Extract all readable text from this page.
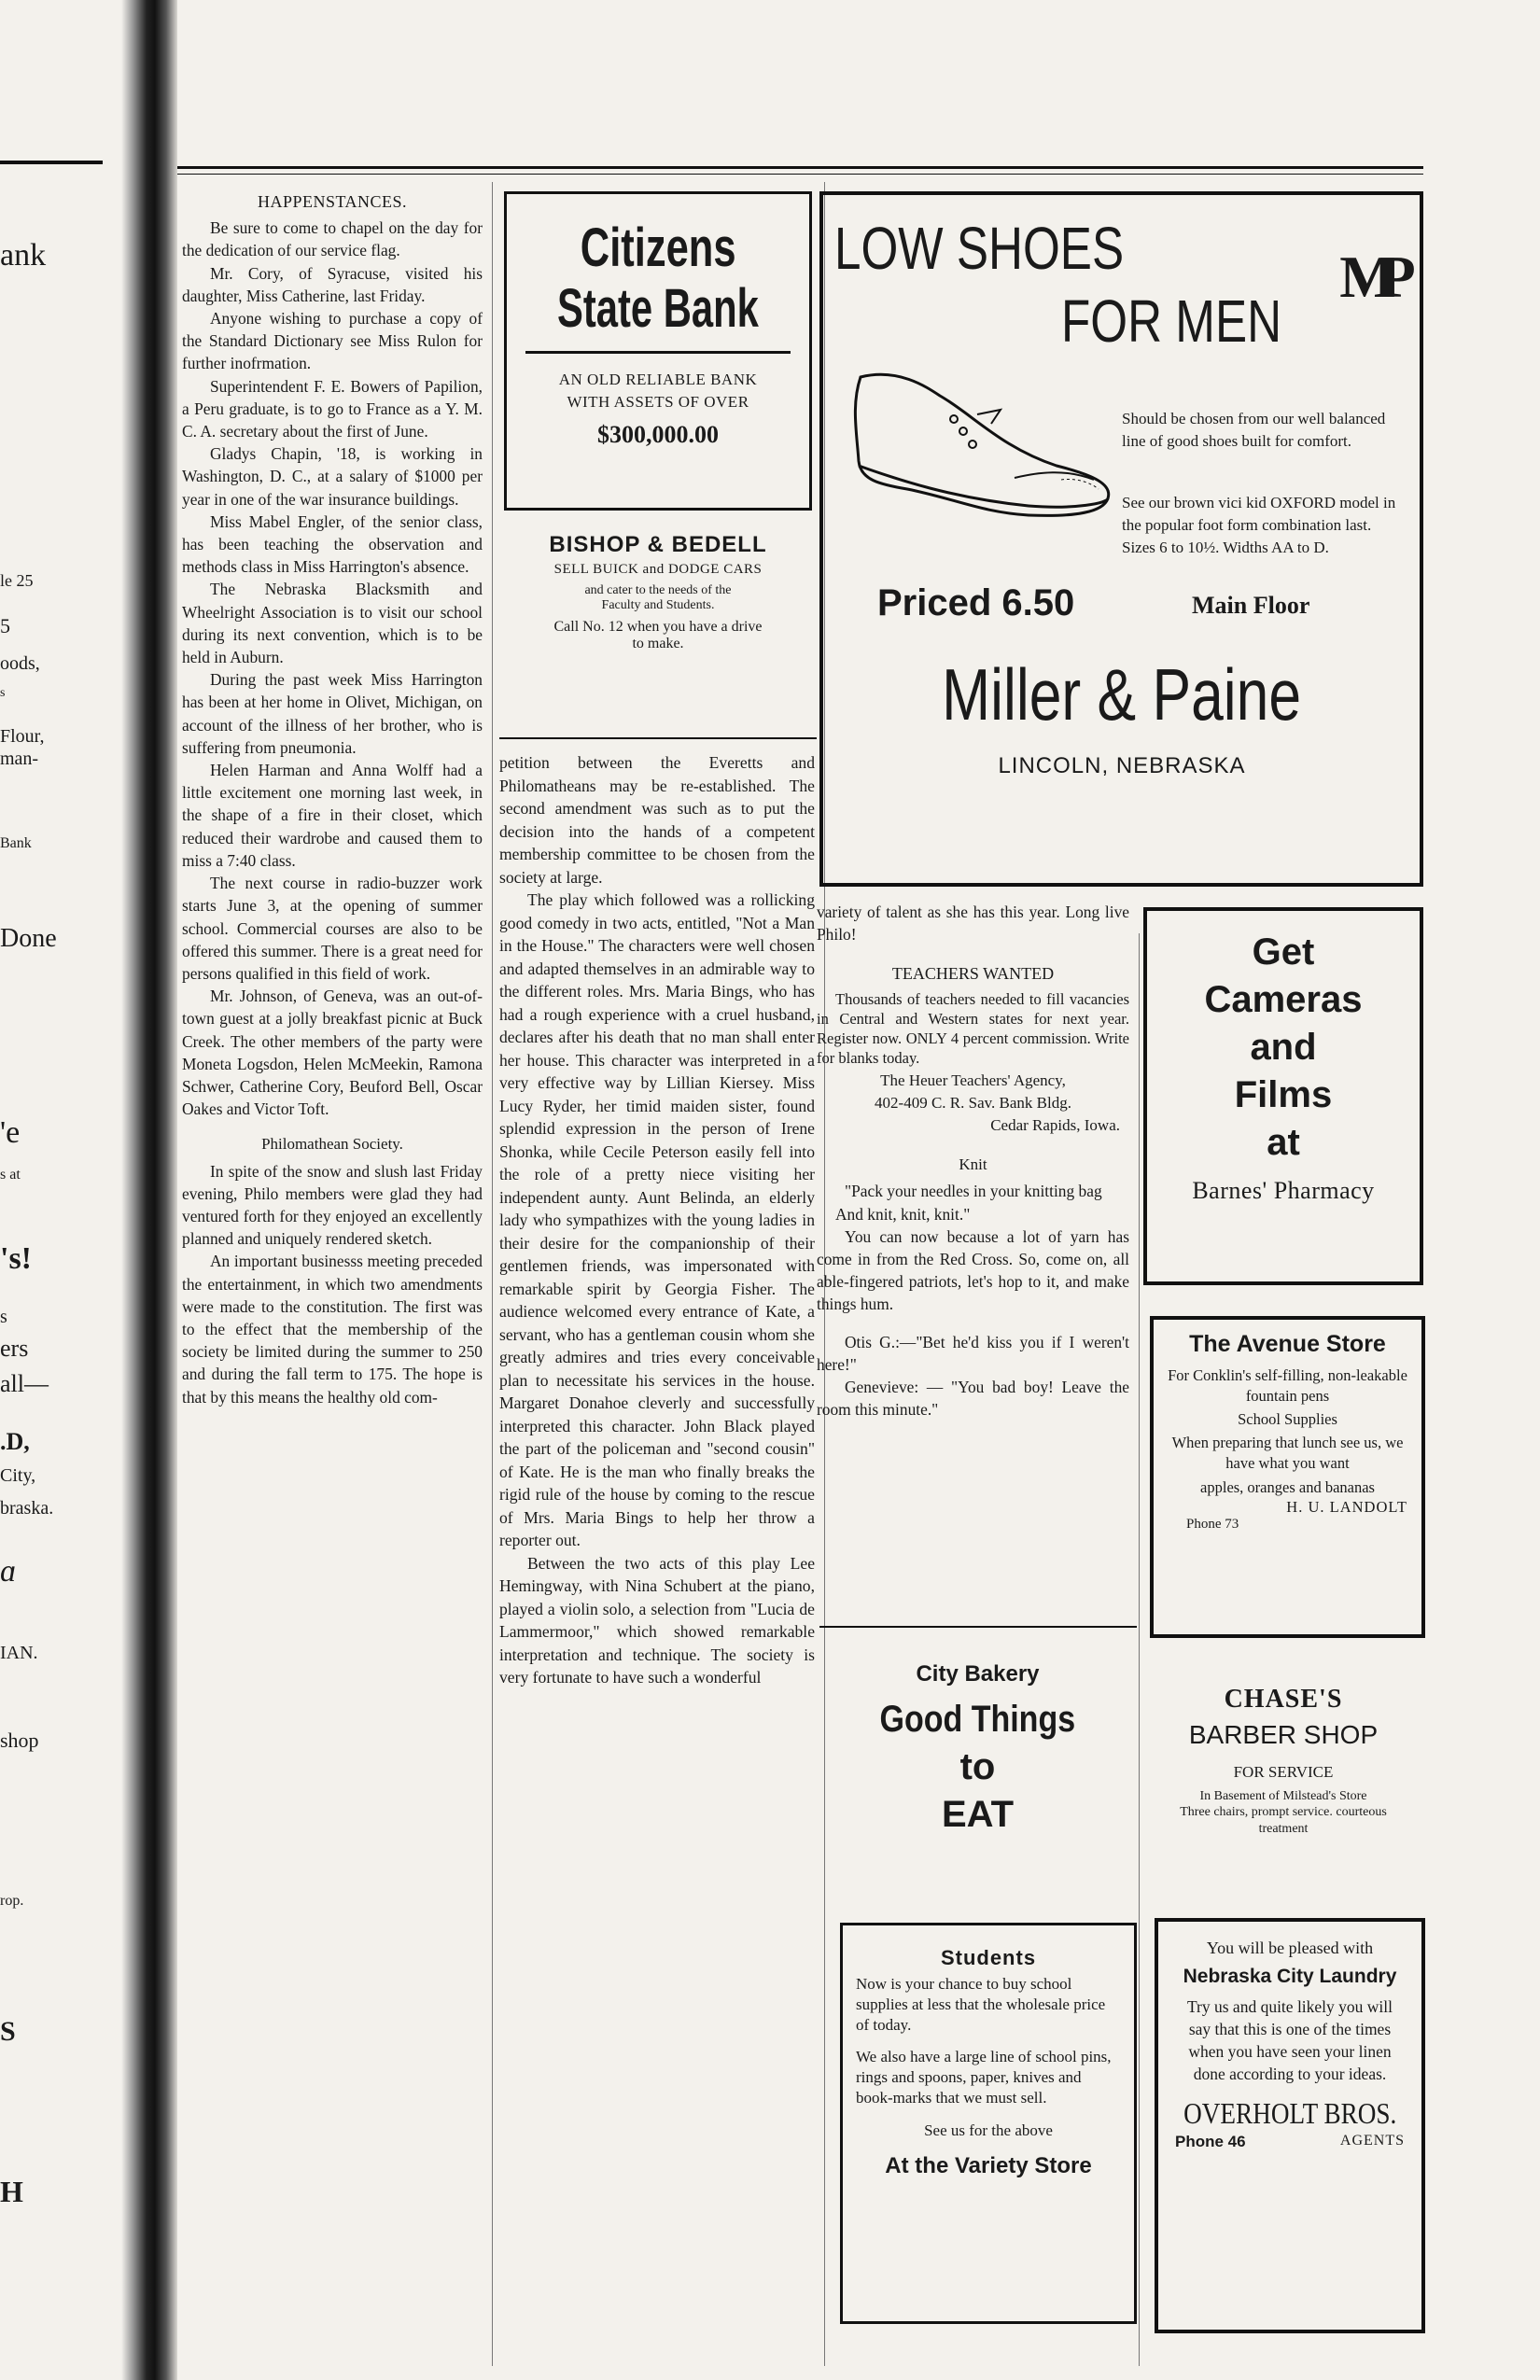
ank
le 25
5
oods,
s
Flour,
man-
Bank
Done
'e
s at
's!
s
ers
all—
.D,
City,
braska.
ɑ
IAN.
shop
rop.
S
H
HAPPENSTANCES.

Be sure to come to chapel on the day for the dedication of our service flag.

Mr. Cory, of Syracuse, visited his daughter, Miss Catherine, last Friday.

Anyone wishing to purchase a copy of the Standard Dictionary see Miss Rulon for further inofrmation.

Superintendent F. E. Bowers of Papilion, a Peru graduate, is to go to France as a Y. M. C. A. secretary about the first of June.

Gladys Chapin, '18, is working in Washington, D. C., at a salary of $1000 per year in one of the war insurance buildings.

Miss Mabel Engler, of the senior class, has been teaching the observation and methods class in Miss Harrington's absence.

The Nebraska Blacksmith and Wheelright Association is to visit our school during its next convention, which is to be held in Auburn.

During the past week Miss Harrington has been at her home in Olivet, Michigan, on account of the illness of her brother, who is suffering from pneumonia.

Helen Harman and Anna Wolff had a little excitement one morning last week, in the shape of a fire in their closet, which reduced their wardrobe and caused them to miss a 7:40 class.

The next course in radio-buzzer work starts June 3, at the opening of summer school. Commercial courses are also to be offered this summer. There is a great need for persons qualified in this field of work.

Mr. Johnson, of Geneva, was an out-of-town guest at a jolly breakfast picnic at Buck Creek. The other members of the party were Moneta Logsdon, Helen McMeekin, Ramona Schwer, Catherine Cory, Beuford Bell, Oscar Oakes and Victor Toft.

Philomathean Society.

In spite of the snow and slush last Friday evening, Philo members were glad they had ventured forth for they enjoyed an excellently planned and uniquely rendered sketch.

An important businesss meeting preceded the entertainment, in which two amendments were made to the constitution. The first was to the effect that the membership of the society be limited during the summer to 250 and during the fall term to 175. The hope is that by this means the healthy old com-

Citizens
State Bank
AN OLD RELIABLE BANK
WITH ASSETS OF OVER
$300,000.00
BISHOP & BEDELL
SELL BUICK and DODGE CARS
and cater to the needs of the
Faculty and Students.
Call No. 12 when you have a drive
to make.

petition between the Everetts and Philomatheans may be re-established. The second amendment was such as to put the decision into the hands of a competent membership committee to be chosen from the society at large.

The play which followed was a rollicking good comedy in two acts, entitled, "Not a Man in the House." The characters were well chosen and adapted themselves in an admirable way to the different roles. Mrs. Maria Bings, who has had a rough experience with a cruel husband, declares after his death that no man shall enter her house. This character was interpreted in a very effective way by Lillian Kiersey. Miss Lucy Ryder, her timid maiden sister, found splendid expression in the person of Irene Shonka, while Cecile Peterson easily fell into the role of a pretty niece visiting her independent aunty. Aunt Belinda, an elderly lady who sympathizes with the young ladies in their desire for the companionship of their gentlemen friends, was impersonated with remarkable spirit by Georgia Fisher. The audience welcomed every entrance of Kate, a servant, who has a gentleman cousin whom she greatly admires and tries every conceivable plan to necessitate his services in the house. Margaret Donahoe cleverly and successfully interpreted this character. John Black played the part of the policeman and "second cousin" of Kate. He is the man who finally breaks the rigid rule of the house by coming to the rescue of Mrs. Maria Bings to help her throw a reporter out.

Between the two acts of this play Lee Hemingway, with Nina Schubert at the piano, played a violin solo, a selection from "Lucia de Lammermoor," which showed remarkable interpretation and technique. The society is very fortunate to have such a wonderful

LOW SHOES
FOR MEN
MP
Should be chosen from our well balanced line of good shoes built for comfort.
See our brown vici kid OXFORD model in the popular foot form combination last. Sizes 6 to 10½. Widths AA to D.
Priced 6.50	Main Floor
Miller & Paine
LINCOLN, NEBRASKA

variety of talent as she has this year. Long live Philo!

TEACHERS WANTED

Thousands of teachers needed to fill vacancies in Central and Western states for next year. Register now. ONLY 4 percent commission. Write for blanks today.

The Heuer Teachers' Agency,
402-409 C. R. Sav. Bank Bldg.
Cedar Rapids, Iowa.
Knit

"Pack your needles in your knitting bag

And knit, knit, knit."

You can now because a lot of yarn has come in from the Red Cross. So, come on, all able-fingered patriots, let's hop to it, and make things hum.

Otis G.:—"Bet he'd kiss you if I weren't here!"

Genevieve: — "You bad boy! Leave the room this minute."

City Bakery
Good Things
to
EAT
Students
Now is your chance to buy school supplies at less that the wholesale price of today.
We also have a large line of school pins, rings and spoons, paper, knives and book-marks that we must sell.
See us for the above
At the Variety Store
Get
Cameras
and
Films
at
Barnes' Pharmacy
The Avenue Store
For Conklin's self-filling, non-leakable fountain pens
School Supplies
When preparing that lunch see us, we have what you want
apples, oranges and bananas
H. U. LANDOLT
Phone 73
CHASE'S
BARBER SHOP
FOR SERVICE
In Basement of Milstead's Store
Three chairs, prompt service. courteous treatment
You will be pleased with
Nebraska City Laundry
Try us and quite likely you will say that this is one of the times when you have seen your linen done according to your ideas.
OVERHOLT BROS.
Phone 46	AGENTS
